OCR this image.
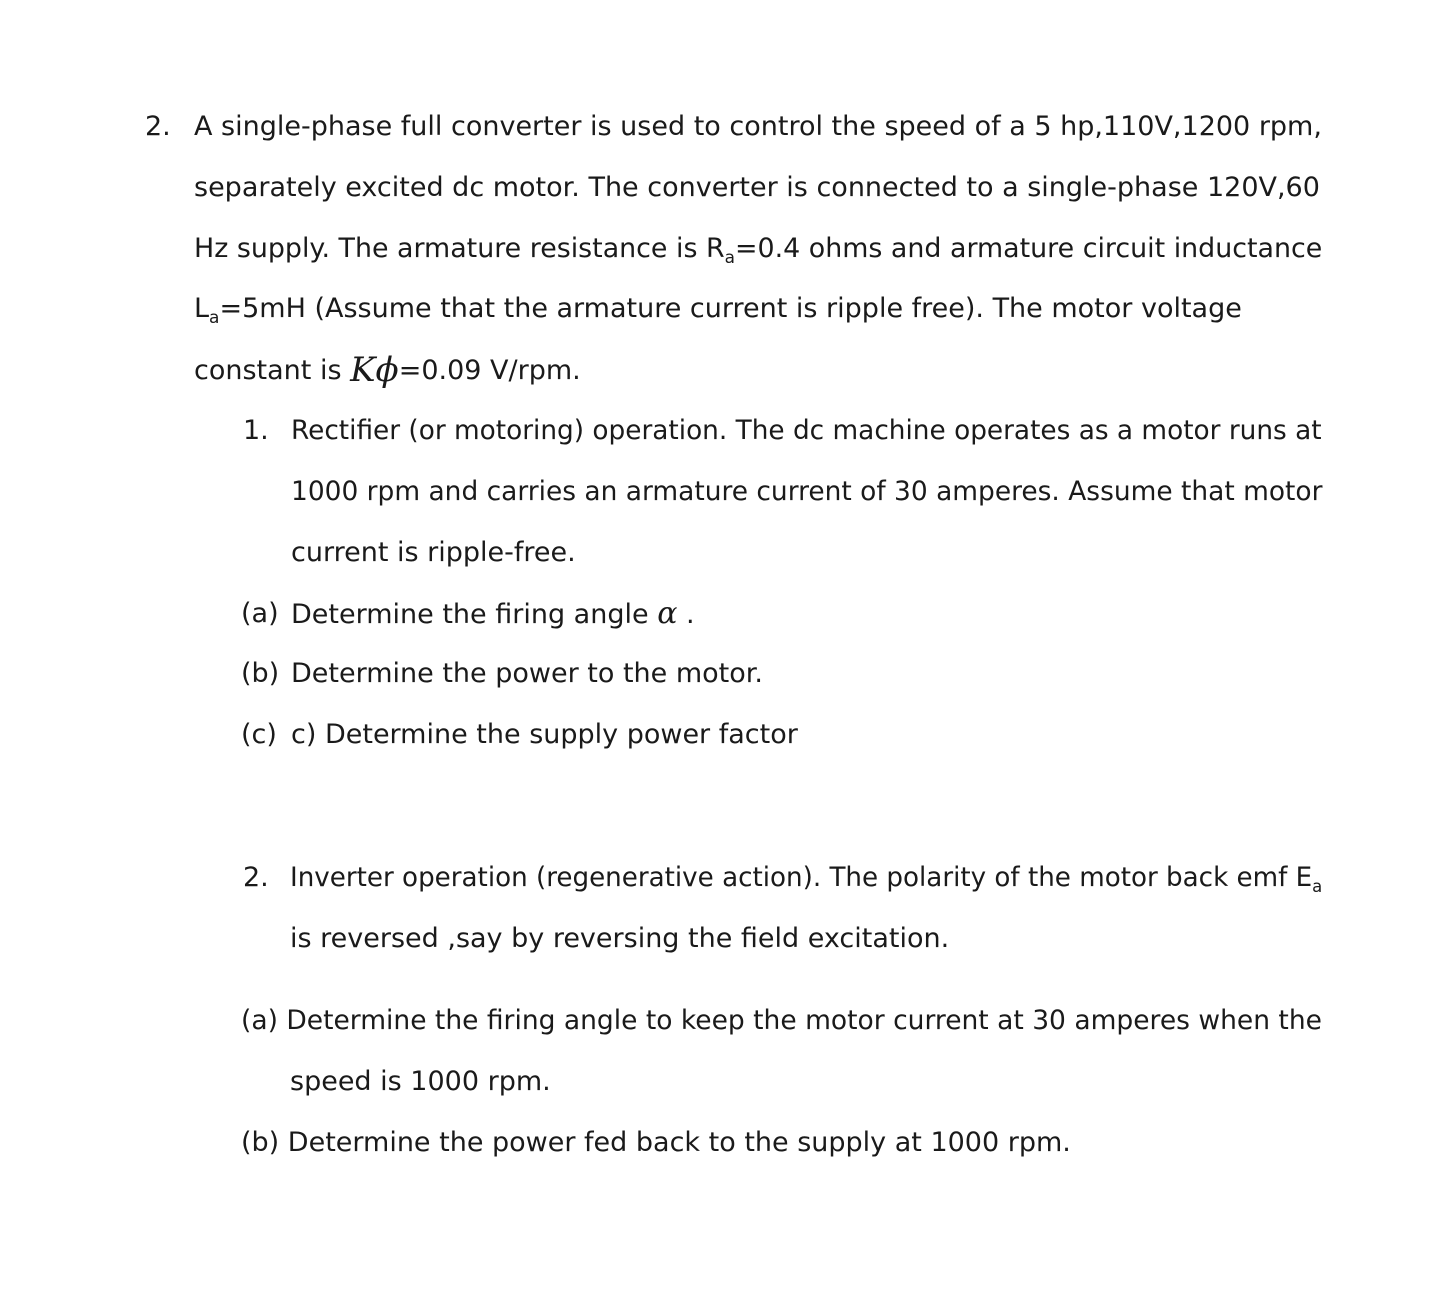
2. A single-phase full converter is used to control the speed of a 5 hp,110V,1200 rpm,
separately excited dc motor. The converter is connected to a single-phase 120V,60
Hz supply. The armature resistance is $R_a=0.4$ ohms and armature circuit inductance
$L_a=5mH$ (Assume that the armature current is ripple free). The motor voltage
constant is Kϕ=0.09 V/rpm.
1. Rectifier (or motoring) operation. The dc machine operates as a motor runs at
1000 rpm and carries an armature current of 30 amperes. Assume that motor
current is ripple-free.
(a) Determine the firing angle α .
(b) Determine the power to the motor.
(c) c) Determine the supply power factor
2. Inverter operation (regenerative action). The polarity of the motor back emf $E_a$
is reversed ,say by reversing the field excitation.
(a) Determine the firing angle to keep the motor current at 30 amperes when the
speed is 1000 rpm.
(b) Determine the power fed back to the supply at 1000 rpm.
